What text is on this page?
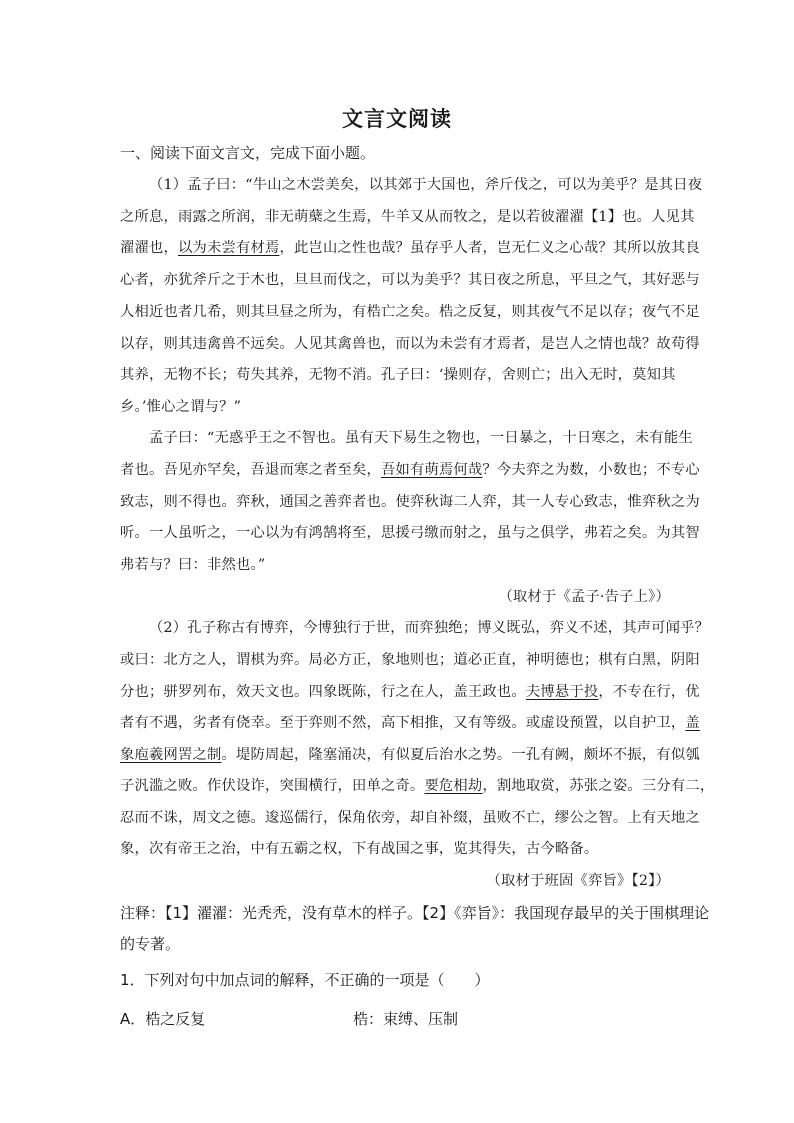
文言文阅读
一、阅读下面文言文，完成下面小题。
（1）孟子曰：“牛山之木尝美矣，以其郊于大国也，斧斤伐之，可以为美乎？是其日夜
之所息，雨露之所润，非无萌蘖之生焉，牛羊又从而牧之，是以若彼濯濯【1】也。人见其
濯濯也，以为未尝有材焉，此岂山之性也哉？虽存乎人者，岂无仁义之心哉？其所以放其良
心者，亦犹斧斤之于木也，旦旦而伐之，可以为美乎？其日夜之所息，平旦之气，其好恶与
人相近也者几希，则其旦昼之所为，有梏亡之矣。梏之反复，则其夜气不足以存；夜气不足
以存，则其违禽兽不远矣。人见其禽兽也，而以为未尝有才焉者，是岂人之情也哉？故苟得
其养，无物不长；苟失其养，无物不消。孔子曰：‘操则存，舍则亡；出入无时，莫知其
乡。’惟心之谓与？”
孟子曰：“无惑乎王之不智也。虽有天下易生之物也，一日暴之，十日寒之，未有能生
者也。吾见亦罕矣，吾退而寒之者至矣，吾如有萌焉何哉？今夫弈之为数，小数也；不专心
致志，则不得也。弈秋，通国之善弈者也。使弈秋诲二人弈，其一人专心致志，惟弈秋之为
听。一人虽听之，一心以为有鸿鹄将至，思援弓缴而射之，虽与之俱学，弗若之矣。为其智
弗若与？曰：非然也。”
（取材于《孟子·告子上》）
（2）孔子称古有博弈，今博独行于世，而弈独绝；博义既弘，弈义不述，其声可闻乎？
或曰：北方之人，谓棋为弈。局必方正，象地则也；道必正直，神明德也；棋有白黑，阴阳
分也；骈罗列布，效天文也。四象既陈，行之在人，盖王政也。夫博悬于投，不专在行，优
者有不遇，劣者有侥幸。至于弈则不然，高下相推，又有等级。或虚设预置，以自护卫，盖
象庖羲网罟之制。堤防周起，隆塞涌决，有似夏后治水之势。一孔有阙，颇坏不振，有似瓠
子汎滥之败。作伏设诈，突围横行，田单之奇。要危相劫，割地取赏，苏张之姿。三分有二，
忍而不诛，周文之德。逡巡儒行，保角依旁，却自补缀，虽败不亡，缪公之智。上有天地之
象，次有帝王之治，中有五霸之权，下有战国之事，览其得失，古今略备。
（取材于班固《弈旨》【2】）
注释：【1】濯濯：光秃秃，没有草木的样子。【2】《弈旨》：我国现存最早的关于围棋理论
的专著。
1．下列对句中加点词的解释，不正确的一项是（　　）
A．梏之反复	梏：束缚、压制
